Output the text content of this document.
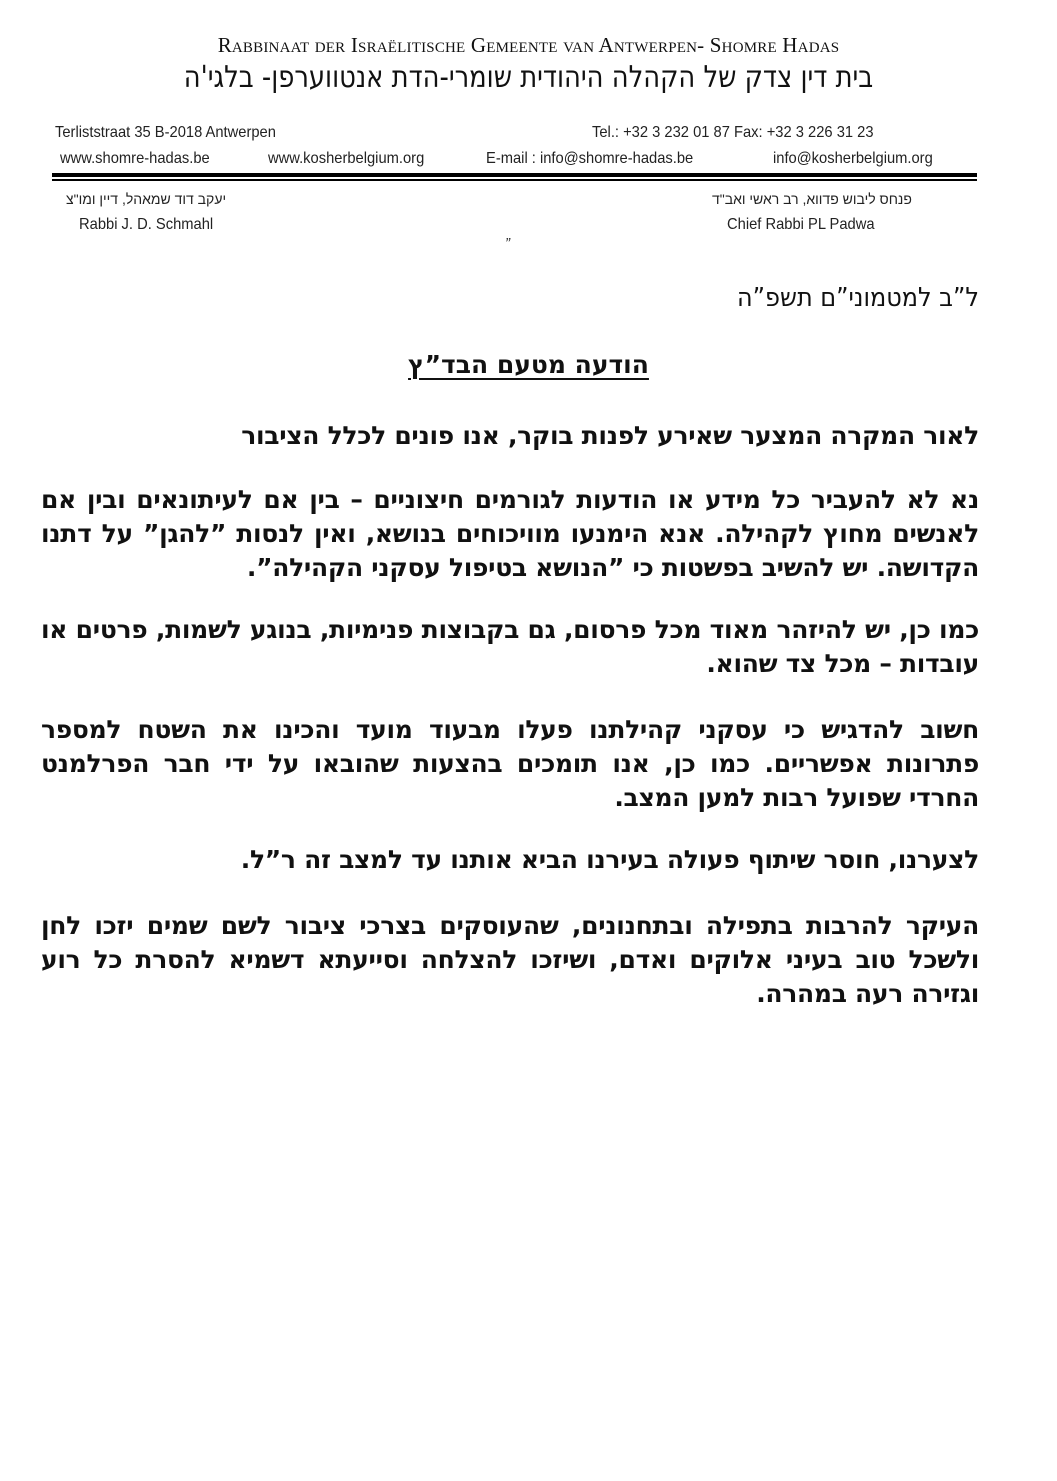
Rabbinaat der Israëlitische Gemeente van Antwerpen- Shomre Hadas
בית דין צדק של הקהלה היהודית שומרי-הדת אנטווערפן- בלגי'ה
Terliststraat 35 B-2018 Antwerpen	Tel.: +32 3 232 01 87 Fax: +32 3 226 31 23
www.shomre-hadas.be	www.kosherbelgium.org	E-mail : info@shomre-hadas.be	info@kosherbelgium.org
יעקב דוד שמאהל, דיין ומו"צ
Rabbi J. D. Schmahl
פנחס ליבוש פדווא, רב ראשי ואב"ד
Chief Rabbi PL Padwa
”
ל”ב למטמוני”ם תשפ”ה
הודעה מטעם הבד”ץ
לאור המקרה המצער שאירע לפנות בוקר, אנו פונים לכלל הציבור
נא לא להעביר כל מידע או הודעות לגורמים חיצוניים – בין אם לעיתונאים ובין אם לאנשים מחוץ לקהילה. אנא הימנעו מוויכוחים בנושא, ואין לנסות ”להגן” על דתנו הקדושה. יש להשיב בפשטות כי ”הנושא בטיפול עסקני הקהילה”.
כמו כן, יש להיזהר מאוד מכל פרסום, גם בקבוצות פנימיות, בנוגע לשמות, פרטים או עובדות – מכל צד שהוא.
חשוב להדגיש כי עסקני קהילתנו פעלו מבעוד מועד והכינו את השטח למספר פתרונות אפשריים. כמו כן, אנו תומכים בהצעות שהובאו על ידי חבר הפרלמנט החרדי שפועל רבות למען המצב.
לצערנו, חוסר שיתוף פעולה בעירנו הביא אותנו עד למצב זה ר”ל.
העיקר להרבות בתפילה ובתחנונים, שהעוסקים בצרכי ציבור לשם שמים יזכו לחן ולשכל טוב בעיני אלוקים ואדם, ושיזכו להצלחה וסייעתא דשמיא להסרת כל רוע וגזירה רעה במהרה.
